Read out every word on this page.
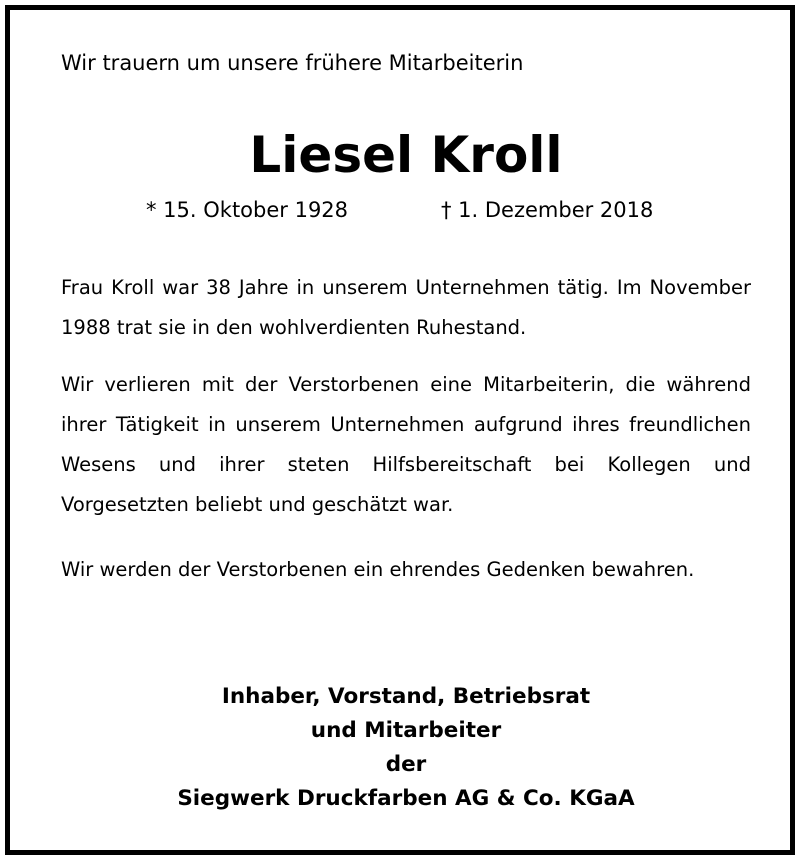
Wir trauern um unsere frühere Mitarbeiterin
Liesel Kroll
* 15. Oktober 1928	† 1. Dezember 2018
Frau Kroll war 38 Jahre in unserem Unternehmen tätig. Im November 1988 trat sie in den wohlverdienten Ruhestand.
Wir verlieren mit der Verstorbenen eine Mitarbeiterin, die während ihrer Tätigkeit in unserem Unternehmen aufgrund ihres freundlichen Wesens und ihrer steten Hilfsbereitschaft bei Kollegen und Vorgesetzten beliebt und geschätzt war.
Wir werden der Verstorbenen ein ehrendes Gedenken bewahren.
Inhaber, Vorstand, Betriebsrat
und Mitarbeiter
der
Siegwerk Druckfarben AG & Co. KGaA
